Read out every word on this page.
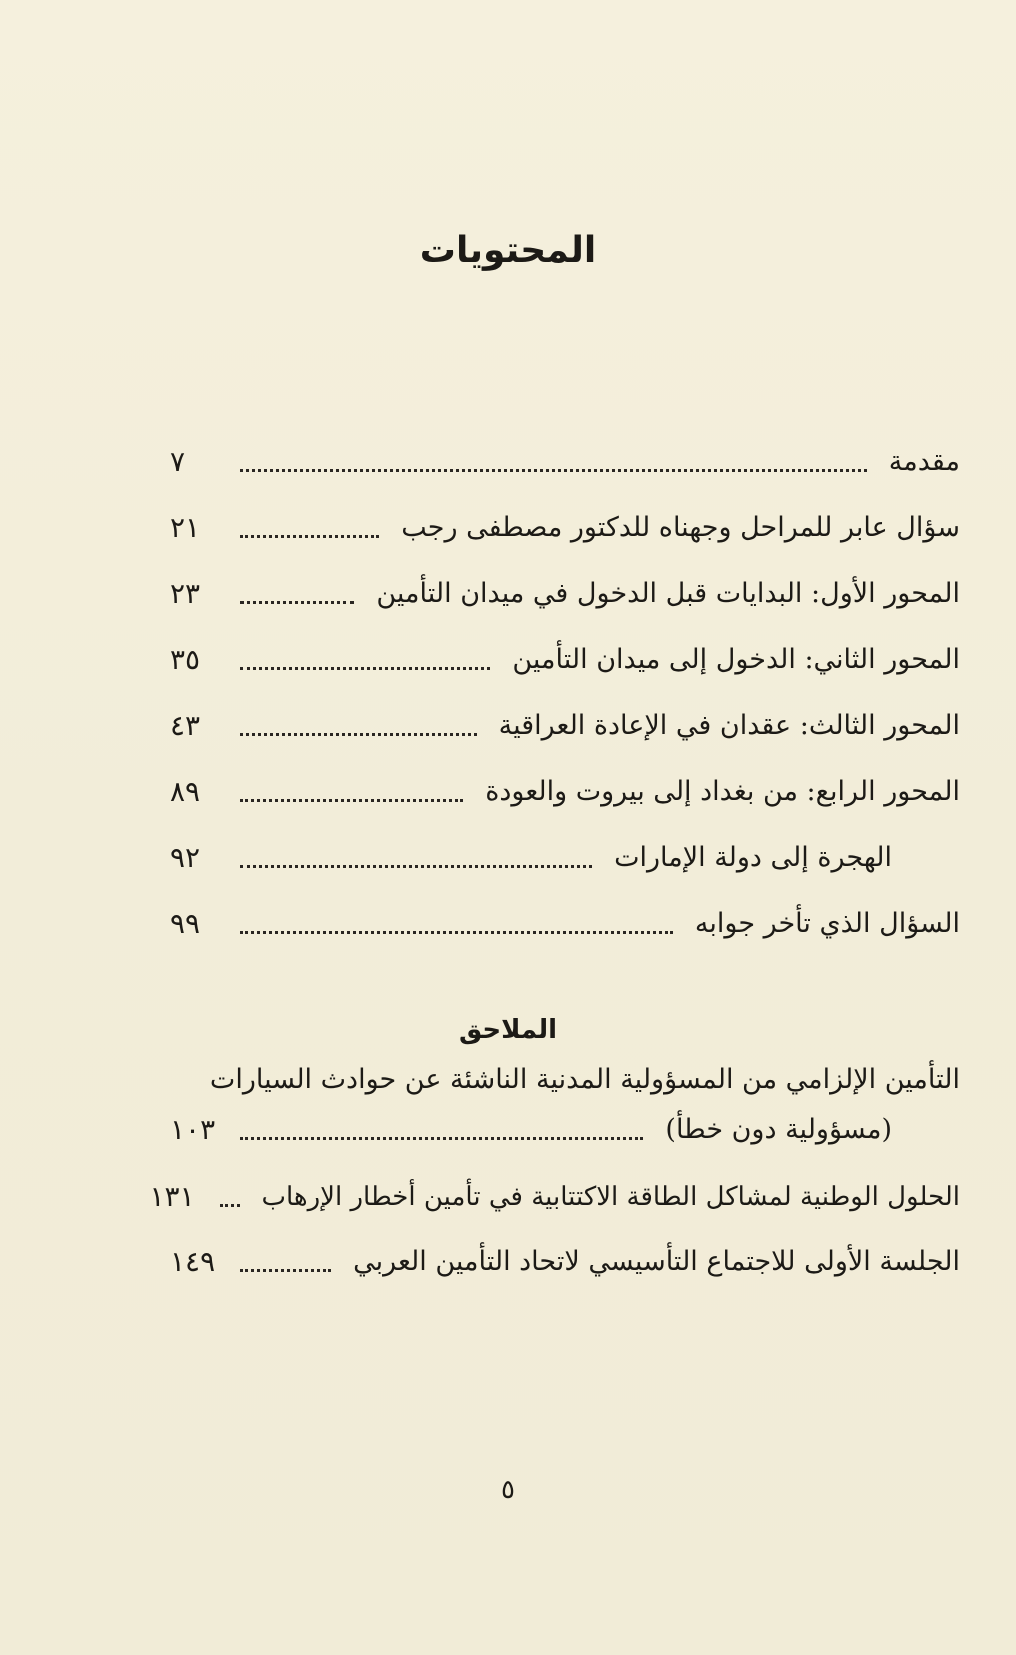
المحتويات
مقدمة
٧
سؤال عابر للمراحل وجهناه للدكتور مصطفى رجب
٢١
المحور الأول: البدايات قبل الدخول في ميدان التأمين
٢٣
المحور الثاني: الدخول إلى ميدان التأمين
٣٥
المحور الثالث: عقدان في الإعادة العراقية
٤٣
المحور الرابع: من بغداد إلى بيروت والعودة
٨٩
الهجرة إلى دولة الإمارات
٩٢
السؤال الذي تأخر جوابه
٩٩
الملاحق
التأمين الإلزامي من المسؤولية المدنية الناشئة عن حوادث السيارات
(مسؤولية دون خطأ)
١٠٣
الحلول الوطنية لمشاكل الطاقة الاكتتابية في تأمين أخطار الإرهاب
١٣١
الجلسة الأولى للاجتماع التأسيسي لاتحاد التأمين العربي
١٤٩
٥
